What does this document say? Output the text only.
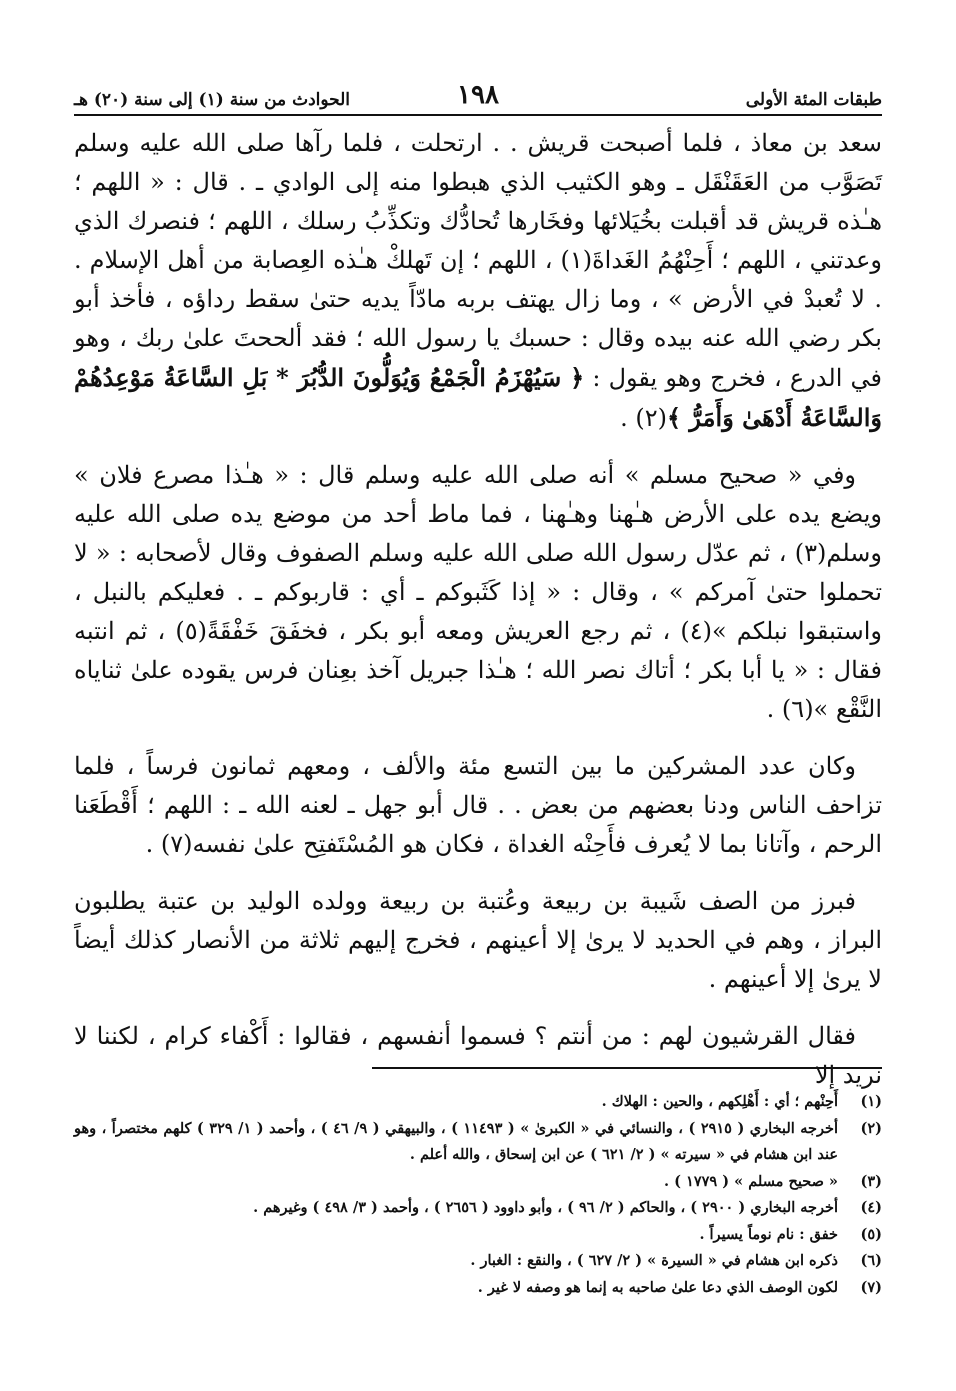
طبقات المئة الأولى
١٩٨
الحوادث من سنة (١) إلى سنة (٢٠) هـ

سعد بن معاذ ، فلما أصبحت قريش . . ارتحلت ، فلما رآها صلى الله عليه وسلم تَصَوَّب من العَقَنْقَل ـ وهو الكثيب الذي هبطوا منه إلى الوادي ـ . قال : « اللهم ؛ هـٰذه قريش قد أقبلت بخُيَلائها وفخَارها تُحادُّك وتكذِّبُ رسلك ، اللهم ؛ فنصرك الذي وعدتني ، اللهم ؛ أَحِنْهُمُ الغَداةَ(١) ، اللهم ؛ إن تَهلكْ هـٰذه العِصابة من أهل الإسلام . . لا تُعبدْ في الأرض » ، وما زال يهتف بربه مادّاً يديه حتىٰ سقط رداؤه ، فأخذ أبو بكر رضي الله عنه بيده وقال : حسبك يا رسول الله ؛ فقد ألححتَ علىٰ ربك ، وهو في الدرع ، فخرج وهو يقول : ﴿ سَيُهْزَمُ الْجَمْعُ وَيُوَلُّونَ الدُّبُرَ * بَلِ السَّاعَةُ مَوْعِدُهُمْ وَالسَّاعَةُ أَدْهَىٰ وَأَمَرُّ ﴾(٢) .

وفي « صحيح مسلم » أنه صلى الله عليه وسلم قال : « هـٰذا مصرع فلان » ويضع يده على الأرض هـٰهنا وهـٰهنا ، فما ماط أحد من موضع يده صلى الله عليه وسلم(٣) ، ثم عدّل رسول الله صلى الله عليه وسلم الصفوف وقال لأصحابه : « لا تحملوا حتىٰ آمركم » ، وقال : « إذا كَثَبوكم ـ أي : قاربوكم ـ . فعليكم بالنبل ، واستبقوا نبلكم »(٤) ، ثم رجع العريش ومعه أبو بكر ، فخفَقَ خَفْقَةً(٥) ، ثم انتبه فقال : « يا أبا بكر ؛ أتاك نصر الله ؛ هـٰذا جبريل آخذ بعِنان فرس يقوده علىٰ ثناياه النَّقْع »(٦) .

وكان عدد المشركين ما بين التسع مئة والألف ، ومعهم ثمانون فرساً ، فلما تزاحف الناس ودنا بعضهم من بعض . . قال أبو جهل ـ لعنه الله ـ : اللهم ؛ أَقْطَعَنا الرحم ، وآتانا بما لا يُعرف فأَحِنْه الغداة ، فكان هو المُسْتَفتِح علىٰ نفسه(٧) .

فبرز من الصف شَيبة بن ربيعة وعُتبة بن ربيعة وولده الوليد بن عتبة يطلبون البراز ، وهم في الحديد لا يرىٰ إلا أعينهم ، فخرج إليهم ثلاثة من الأنصار كذلك أيضاً لا يرىٰ إلا أعينهم .

فقال القرشيون لهم : من أنتم ؟ فسموا أنفسهم ، فقالوا : أَكْفاء كرام ، لكننا لا نريد إلا

(١)
أَحِنْهم ؛ أي : أَهْلِكهم ، والحين : الهلاك .
(٢)
أخرجه البخاري ( ٢٩١٥ ) ، والنسائي في « الكبرىٰ » ( ١١٤٩٣ ) ، والبيهقي ( ٩/ ٤٦ ) ، وأحمد ( ١/ ٣٢٩ ) كلهم مختصراً ، وهو عند ابن هشام في « سيرته » ( ٢/ ٦٢١ ) عن ابن إسحاق ، والله أعلم .
(٣)
« صحيح مسلم » ( ١٧٧٩ ) .
(٤)
أخرجه البخاري ( ٢٩٠٠ ) ، والحاكم ( ٢/ ٩٦ ) ، وأبو داوود ( ٢٦٥٦ ) ، وأحمد ( ٣/ ٤٩٨ ) وغيرهم .
(٥)
خفق : نام نوماً يسيراً .
(٦)
ذكره ابن هشام في « السيرة » ( ٢/ ٦٢٧ ) ، والنقع : الغبار .
(٧)
لكون الوصف الذي دعا علىٰ صاحبه به إنما هو وصفه لا غير .
